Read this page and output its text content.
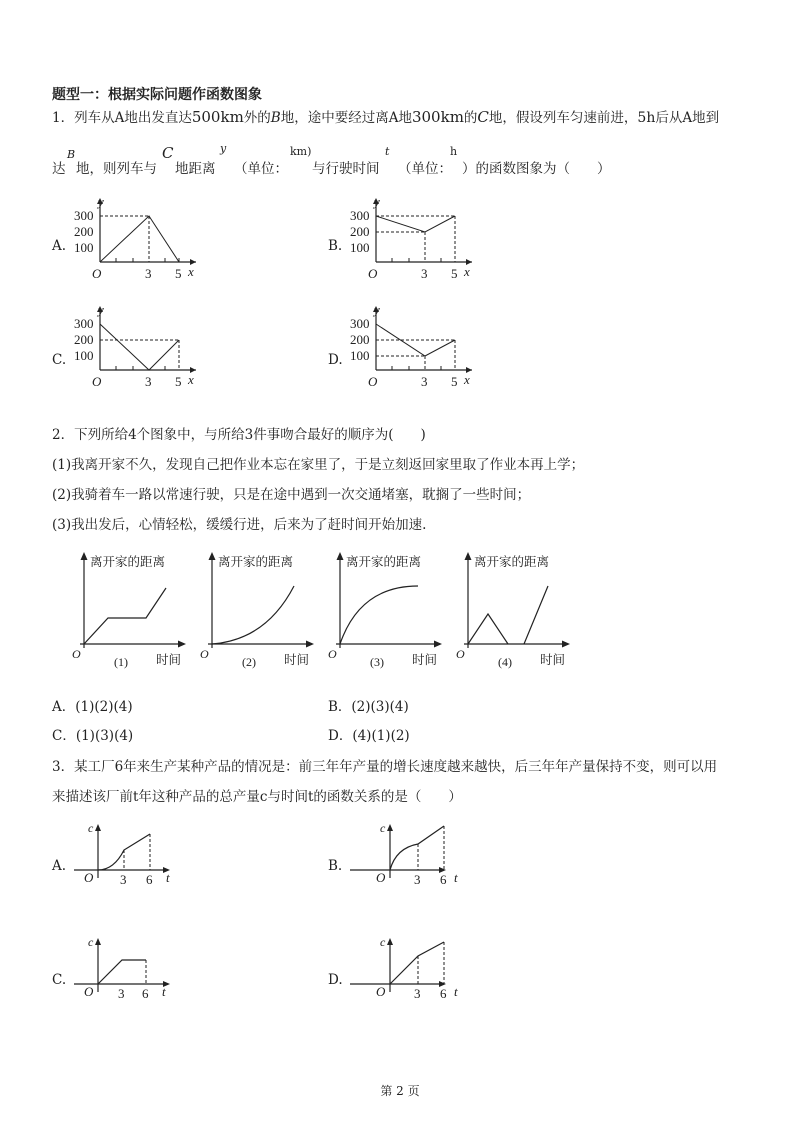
题型一：根据实际问题作函数图象
1．列车从A地出发直达500km外的B地，途中要经过离A地300km的C地，假设列车匀速前进，5h后从A地到
达
B
地，则列车与
C
地距离
y
（单位：
km)
与行驶时间
t
（单位：
h
）的函数图象为（　　）
A.	B.
C.	D.
y
300
200
100
O	3 5 x
y
300
200
100
O	3 5 x
y
300
200
100
O	3 5 x
y
300
200
100
O	3 5 x
2．下列所给4个图象中，与所给3件事吻合最好的顺序为(　　)
(1)我离开家不久，发现自己把作业本忘在家里了，于是立刻返回家里取了作业本再上学；
(2)我骑着车一路以常速行驶，只是在途中遇到一次交通堵塞，耽搁了一些时间；
(3)我出发后，心情轻松，缓缓行进，后来为了赶时间开始加速.
离开家的距离
O
(1) 时间
离开家的距离
O
(2) 时间
离开家的距离
O
(3) 时间
离开家的距离
O
(4) 时间
A．(1)(2)(4)	B．(2)(3)(4)
C．(1)(3)(4)	D．(4)(1)(2)
3．某工厂6年来生产某种产品的情况是：前三年年产量的增长速度越来越快，后三年年产量保持不变，则可以用
来描述该厂前t年这种产品的总产量c与时间t的函数关系的是（　　）
A.	B.
C.	D.
c
O 3 6 t
c
O 3 6 t
c
O 3 6 t
c
O 3 6 t
第 2 页
